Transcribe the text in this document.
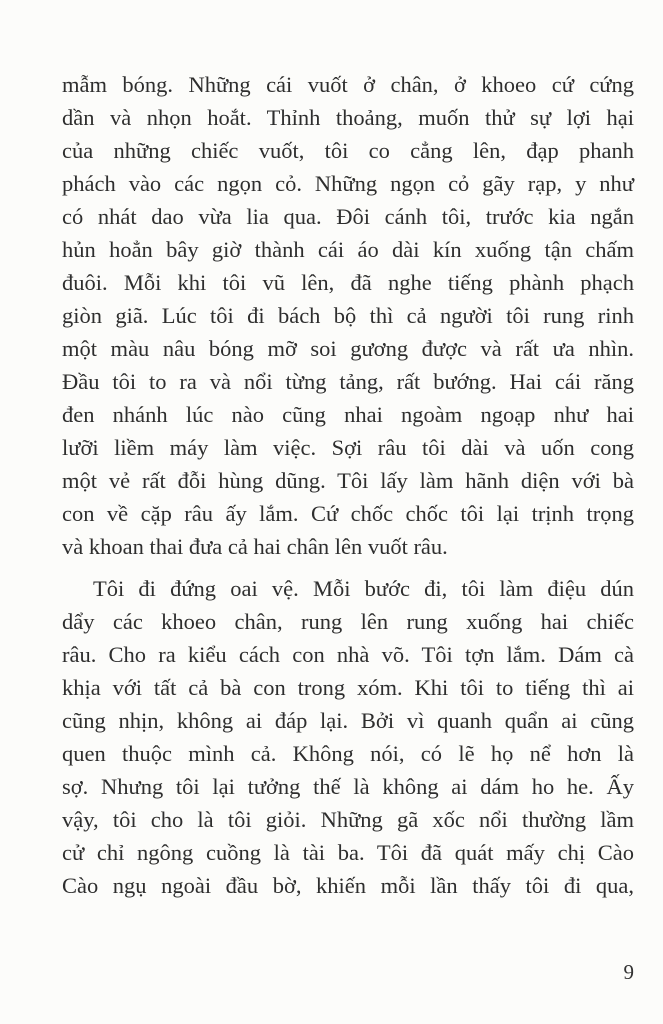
mẫm bóng. Những cái vuốt ở chân, ở khoeo cứ cứng
dần và nhọn hoắt. Thỉnh thoảng, muốn thử sự lợi hại
của những chiếc vuốt, tôi co cẳng lên, đạp phanh
phách vào các ngọn cỏ. Những ngọn cỏ gãy rạp, y như
có nhát dao vừa lia qua. Đôi cánh tôi, trước kia ngắn
hủn hoẳn bây giờ thành cái áo dài kín xuống tận chấm
đuôi. Mỗi khi tôi vũ lên, đã nghe tiếng phành phạch
giòn giã. Lúc tôi đi bách bộ thì cả người tôi rung rinh
một màu nâu bóng mỡ soi gương được và rất ưa nhìn.
Đầu tôi to ra và nổi từng tảng, rất bướng. Hai cái răng
đen nhánh lúc nào cũng nhai ngoàm ngoạp như hai
lưỡi liềm máy làm việc. Sợi râu tôi dài và uốn cong
một vẻ rất đỗi hùng dũng. Tôi lấy làm hãnh diện với bà
con về cặp râu ấy lắm. Cứ chốc chốc tôi lại trịnh trọng
và khoan thai đưa cả hai chân lên vuốt râu.
Tôi đi đứng oai vệ. Mỗi bước đi, tôi làm điệu dún
dẩy các khoeo chân, rung lên rung xuống hai chiếc
râu. Cho ra kiểu cách con nhà võ. Tôi tợn lắm. Dám cà
khịa với tất cả bà con trong xóm. Khi tôi to tiếng thì ai
cũng nhịn, không ai đáp lại. Bởi vì quanh quẩn ai cũng
quen thuộc mình cả. Không nói, có lẽ họ nể hơn là
sợ. Nhưng tôi lại tưởng thế là không ai dám ho he. Ấy
vậy, tôi cho là tôi giỏi. Những gã xốc nổi thường lầm
cử chỉ ngông cuồng là tài ba. Tôi đã quát mấy chị Cào
Cào ngụ ngoài đầu bờ, khiến mỗi lần thấy tôi đi qua,
9
